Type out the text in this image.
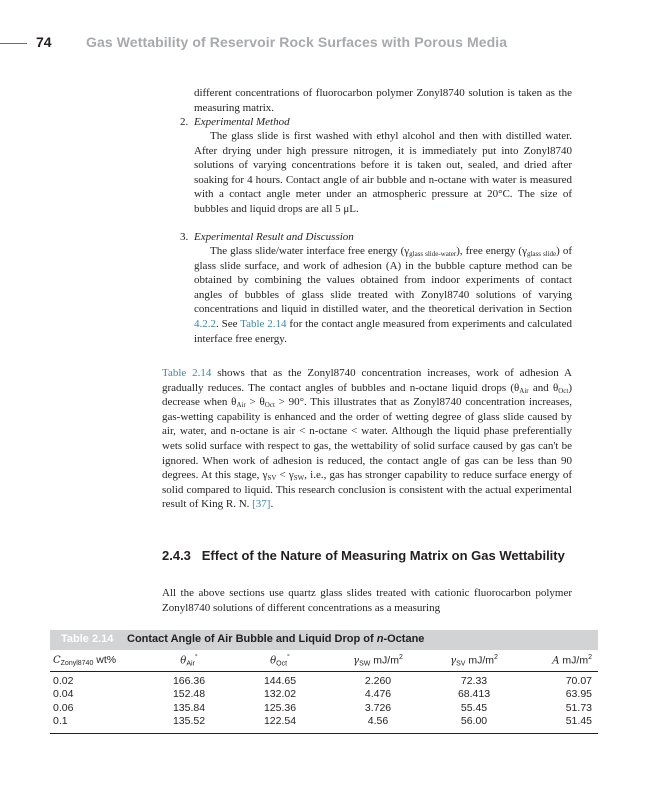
74 Gas Wettability of Reservoir Rock Surfaces with Porous Media

different concentrations of fluorocarbon polymer Zonyl8740 solution is taken as the measuring matrix.

2. Experimental Method

The glass slide is first washed with ethyl alcohol and then with distilled water. After drying under high pressure nitrogen, it is immediately put into Zonyl8740 solutions of varying concentrations before it is taken out, sealed, and dried after soaking for 4 hours. Contact angle of air bubble and n-octane with water is measured with a contact angle meter under an atmospheric pressure at 20°C. The size of bubbles and liquid drops are all 5 μL.

3. Experimental Result and Discussion

The glass slide/water interface free energy $(\gamma_{glass slide-water})$, free energy $(\gamma_{glass slide})$ of glass slide surface, and work of adhesion (A) in the bubble capture method can be obtained by combining the values obtained from indoor experiments of contact angles of bubbles of glass slide treated with Zonyl8740 solutions of varying concentrations and liquid in distilled water, and the theoretical derivation in Section 4.2.2. See Table 2.14 for the contact angle measured from experiments and calculated interface free energy.

Table 2.14 shows that as the Zonyl8740 concentration increases, work of adhesion A gradually reduces. The contact angles of bubbles and n-octane liquid drops ($\theta_{Air}$ and $\theta_{Oct}$) decrease when $\theta_{Air} > \theta_{Oct} > 90^\circ$. This illustrates that as Zonyl8740 concentration increases, gas-wetting capability is enhanced and the order of wetting degree of glass slide caused by air, water, and n-octane is air < n-octane < water. Although the liquid phase preferentially wets solid surface with respect to gas, the wettability of solid surface caused by gas can't be ignored. When work of adhesion is reduced, the contact angle of gas can be less than 90 degrees. At this stage, $\gamma_{SV} < \gamma_{SW}$, i.e., gas has stronger capability to reduce surface energy of solid compared to liquid. This research conclusion is consistent with the actual experimental result of King R. N. [37].

2.4.3 Effect of the Nature of Measuring Matrix on Gas Wettability

All the above sections use quartz glass slides treated with cationic fluorocarbon polymer Zonyl8740 solutions of different concentrations as a measuring

Table 2.14 Contact Angle of Air Bubble and Liquid Drop of n-Octane
$C_{Zonyl8740}$ wt%	$\theta_{Air}^\circ$	$\theta_{Oct}^\circ$	$\gamma_{SW}$ $mJ/m^2$	$\gamma_{SV}$ $mJ/m^2$	A $mJ/m^2$
0.02	166.36	144.65	2.260	72.33	70.07
0.04	152.48	132.02	4.476	68.413	63.95
0.06	135.84	125.36	3.726	55.45	51.73
0.1	135.52	122.54	4.56	56.00	51.45
